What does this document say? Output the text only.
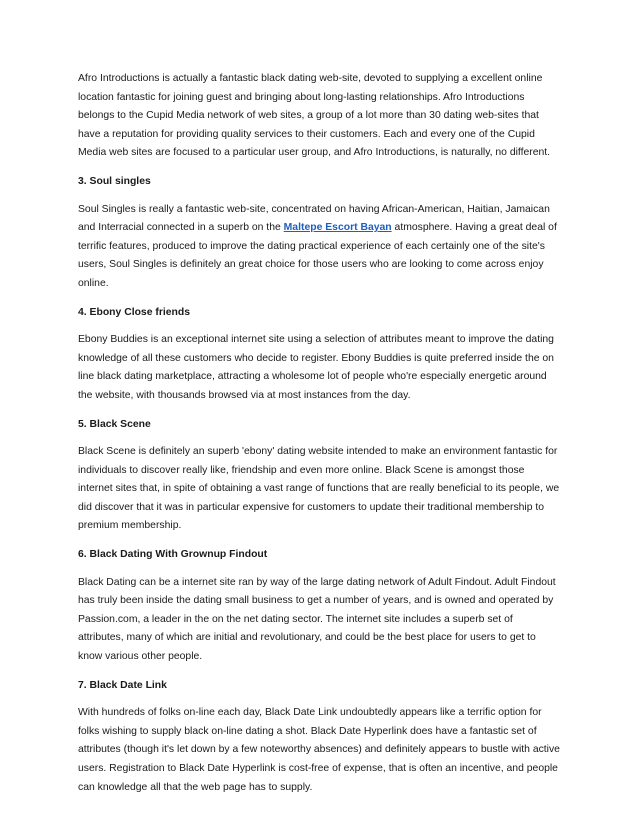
Afro Introductions is actually a fantastic black dating web-site, devoted to supplying a excellent online location fantastic for joining guest and bringing about long-lasting relationships. Afro Introductions belongs to the Cupid Media network of web sites, a group of a lot more than 30 dating web-sites that have a reputation for providing quality services to their customers. Each and every one of the Cupid Media web sites are focused to a particular user group, and Afro Introductions, is naturally, no different.

3. Soul singles

Soul Singles is really a fantastic web-site, concentrated on having African-American, Haitian, Jamaican and Interracial connected in a superb on the Maltepe Escort Bayan atmosphere. Having a great deal of terrific features, produced to improve the dating practical experience of each certainly one of the site's users, Soul Singles is definitely an great choice for those users who are looking to come across enjoy online.

4. Ebony Close friends

Ebony Buddies is an exceptional internet site using a selection of attributes meant to improve the dating knowledge of all these customers who decide to register. Ebony Buddies is quite preferred inside the on line black dating marketplace, attracting a wholesome lot of people who're especially energetic around the website, with thousands browsed via at most instances from the day.

5. Black Scene

Black Scene is definitely an superb 'ebony' dating website intended to make an environment fantastic for individuals to discover really like, friendship and even more online. Black Scene is amongst those internet sites that, in spite of obtaining a vast range of functions that are really beneficial to its people, we did discover that it was in particular expensive for customers to update their traditional membership to premium membership.

6. Black Dating With Grownup Findout

Black Dating can be a internet site ran by way of the large dating network of Adult Findout. Adult Findout has truly been inside the dating small business to get a number of years, and is owned and operated by Passion.com, a leader in the on the net dating sector. The internet site includes a superb set of attributes, many of which are initial and revolutionary, and could be the best place for users to get to know various other people.

7. Black Date Link

With hundreds of folks on-line each day, Black Date Link undoubtedly appears like a terrific option for folks wishing to supply black on-line dating a shot. Black Date Hyperlink does have a fantastic set of attributes (though it's let down by a few noteworthy absences) and definitely appears to bustle with active users. Registration to Black Date Hyperlink is cost-free of expense, that is often an incentive, and people can knowledge all that the web page has to supply.
